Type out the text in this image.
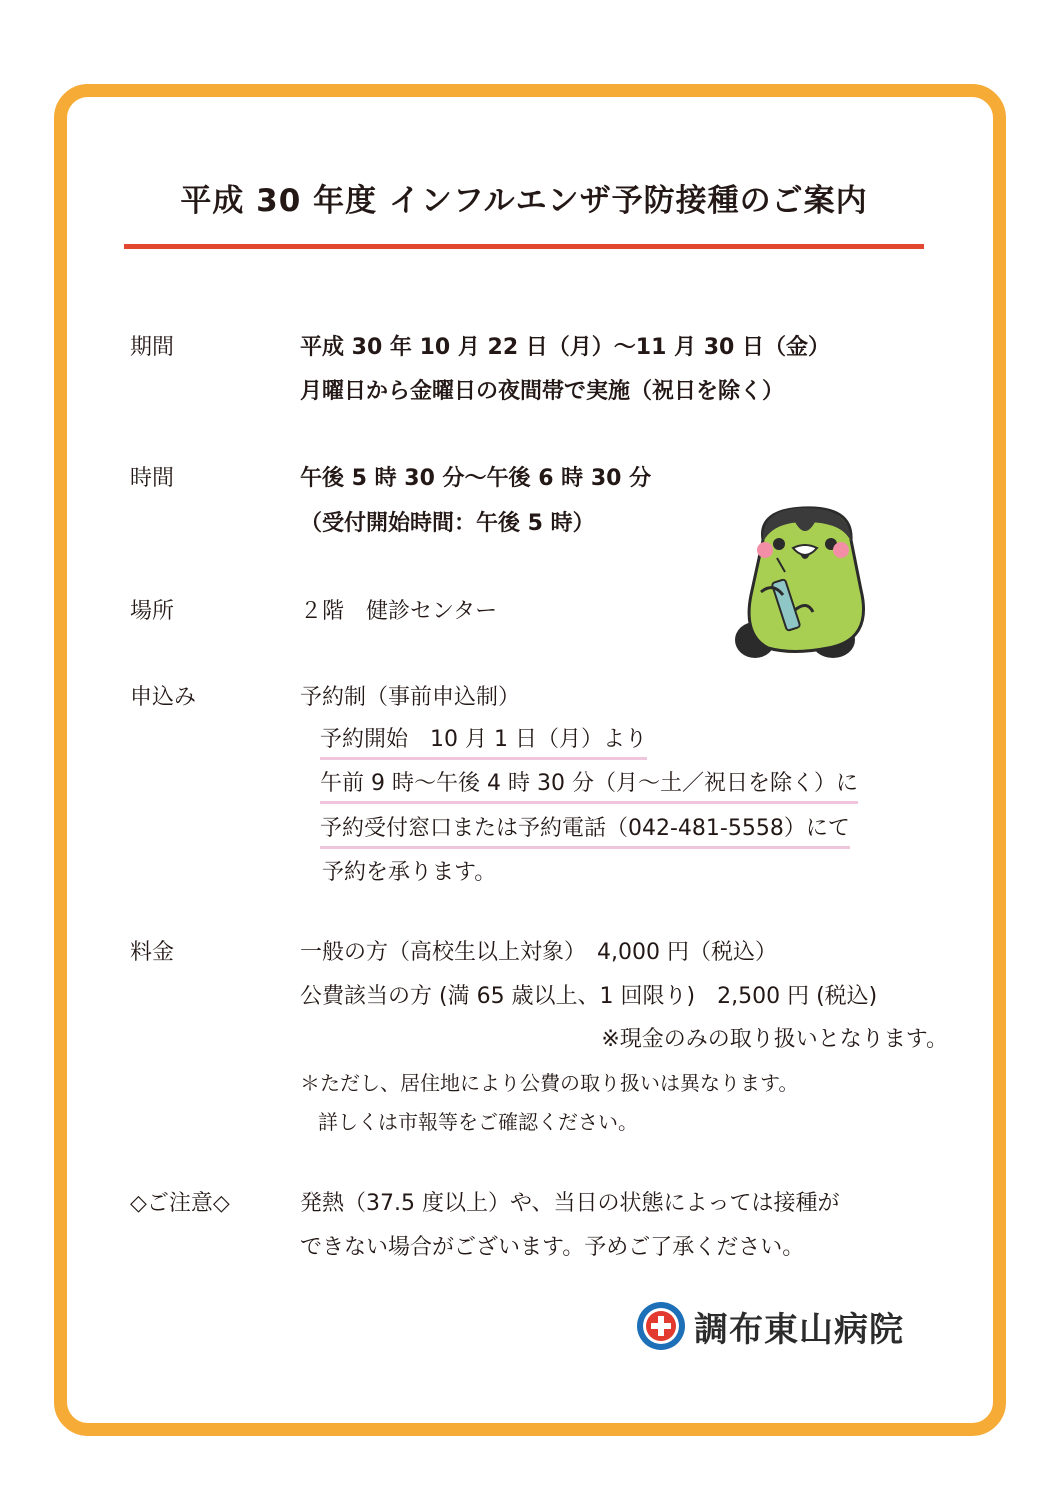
平成 30 年度 インフルエンザ予防接種のご案内
期間	平成 30 年 10 月 22 日（月）～11 月 30 日（金）
月曜日から金曜日の夜間帯で実施（祝日を除く）
時間	午後 5 時 30 分～午後 6 時 30 分
（受付開始時間：午後 5 時）
場所	２階　健診センター
申込み	予約制（事前申込制）
予約開始　10 月 1 日（月）より
午前 9 時～午後 4 時 30 分（月～土／祝日を除く）に
予約受付窓口または予約電話（042-481-5558）にて
予約を承ります。
料金	一般の方（高校生以上対象）　4,000 円（税込）
公費該当の方 (満 65 歳以上、1 回限り)　2,500 円 (税込)
※現金のみの取り扱いとなります。
＊ただし、居住地により公費の取り扱いは異なります。
詳しくは市報等をご確認ください。
◇ご注意◇	発熱（37.5 度以上）や、当日の状態によっては接種が
できない場合がございます。予めご了承ください。
調布東山病院
